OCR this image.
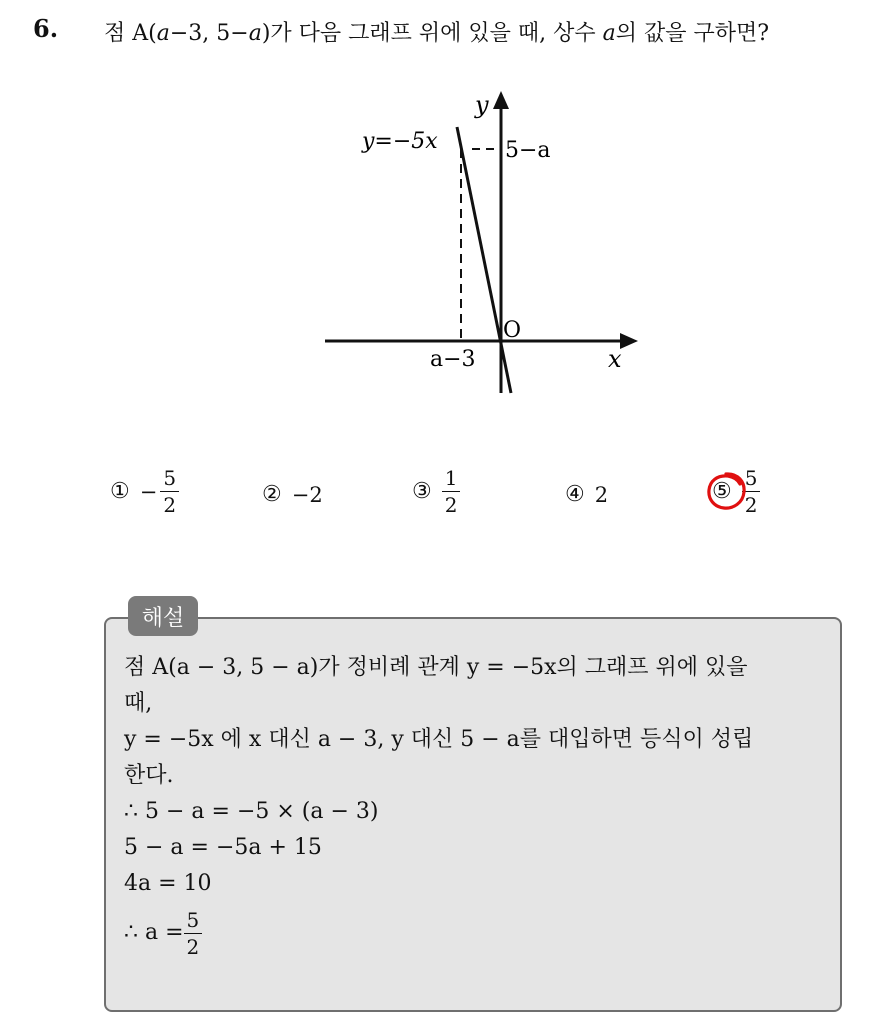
6. 점 A(a−3, 5−a)가 다음 그래프 위에 있을 때, 상수 a의 값을 구하면?
y=−5x
y
x
O
5−a
a−3
① − $\frac{5}{2}$	② −2	③ $\frac{1}{2}$	④ 2	⑤ $\frac{5}{2}$
해설
점 A(a − 3, 5 − a)가 정비례 관계 y = −5x의 그래프 위에 있을
때,
y = −5x 에 x 대신 a − 3, y 대신 5 − a를 대입하면 등식이 성립
한다.
∴ 5 − a = −5 × (a − 3)
5 − a = −5a + 15
4a = 10
∴ $a = \frac{5}{2}$
